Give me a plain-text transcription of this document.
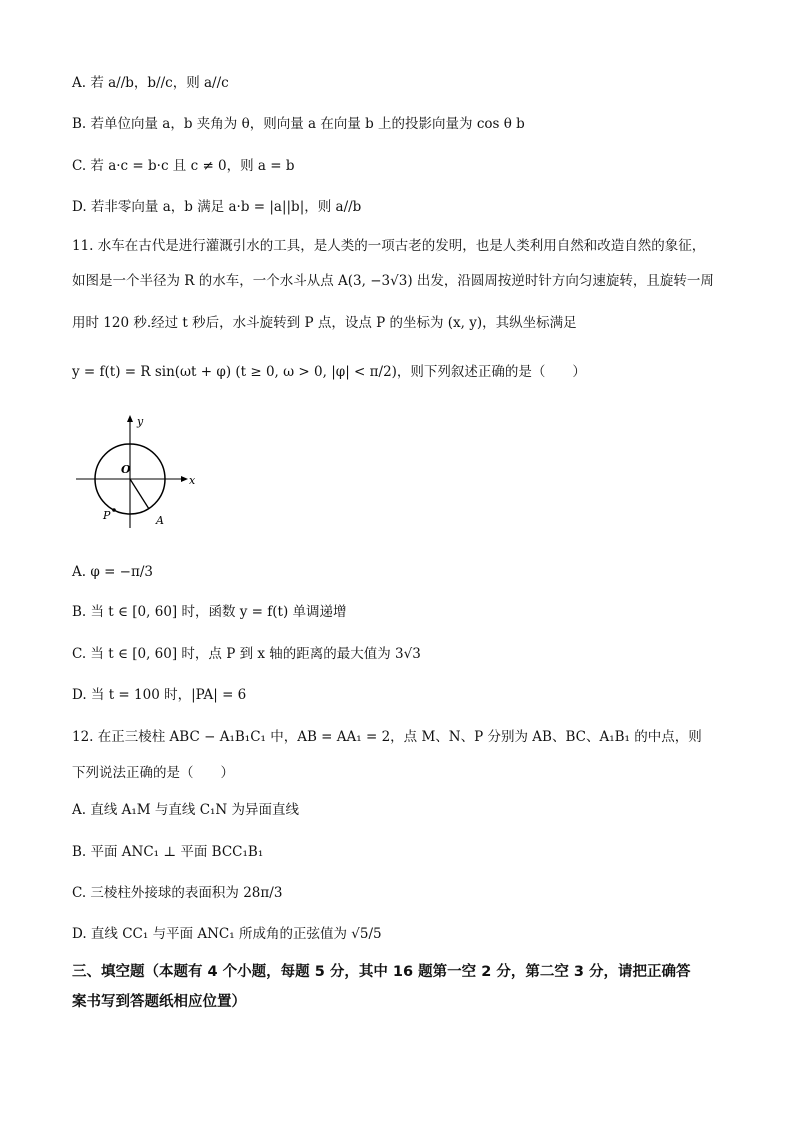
A. 若 a//b，b//c，则 a//c
B. 若单位向量 a，b 夹角为 θ，则向量 a 在向量 b 上的投影向量为 cos θ b
C. 若 a·c = b·c 且 c ≠ 0，则 a = b
D. 若非零向量 a，b 满足 a·b = |a||b|，则 a//b
11. 水车在古代是进行灌溉引水的工具，是人类的一项古老的发明，也是人类利用自然和改造自然的象征，
如图是一个半径为 R 的水车，一个水斗从点 A(3, −3√3) 出发，沿圆周按逆时针方向匀速旋转，且旋转一周
用时 120 秒.经过 t 秒后，水斗旋转到 P 点，设点 P 的坐标为 (x, y)，其纵坐标满足
y = f(t) = R sin(ωt + φ) (t ≥ 0, ω > 0, |φ| < π/2)，则下列叙述正确的是（　　）
y
x
O
P	A
A. φ = −π/3
B. 当 t ∈ [0, 60] 时，函数 y = f(t) 单调递增
C. 当 t ∈ [0, 60] 时，点 P 到 x 轴的距离的最大值为 3√3
D. 当 t = 100 时，|PA| = 6
12. 在正三棱柱 ABC − A₁B₁C₁ 中，AB = AA₁ = 2，点 M、N、P 分别为 AB、BC、A₁B₁ 的中点，则
下列说法正确的是（　　）
A. 直线 A₁M 与直线 C₁N 为异面直线
B. 平面 ANC₁ ⊥ 平面 BCC₁B₁
C. 三棱柱外接球的表面积为 28π/3
D. 直线 CC₁ 与平面 ANC₁ 所成角的正弦值为 √5/5
三、填空题（本题有 4 个小题，每题 5 分，其中 16 题第一空 2 分，第二空 3 分，请把正确答
案书写到答题纸相应位置）
